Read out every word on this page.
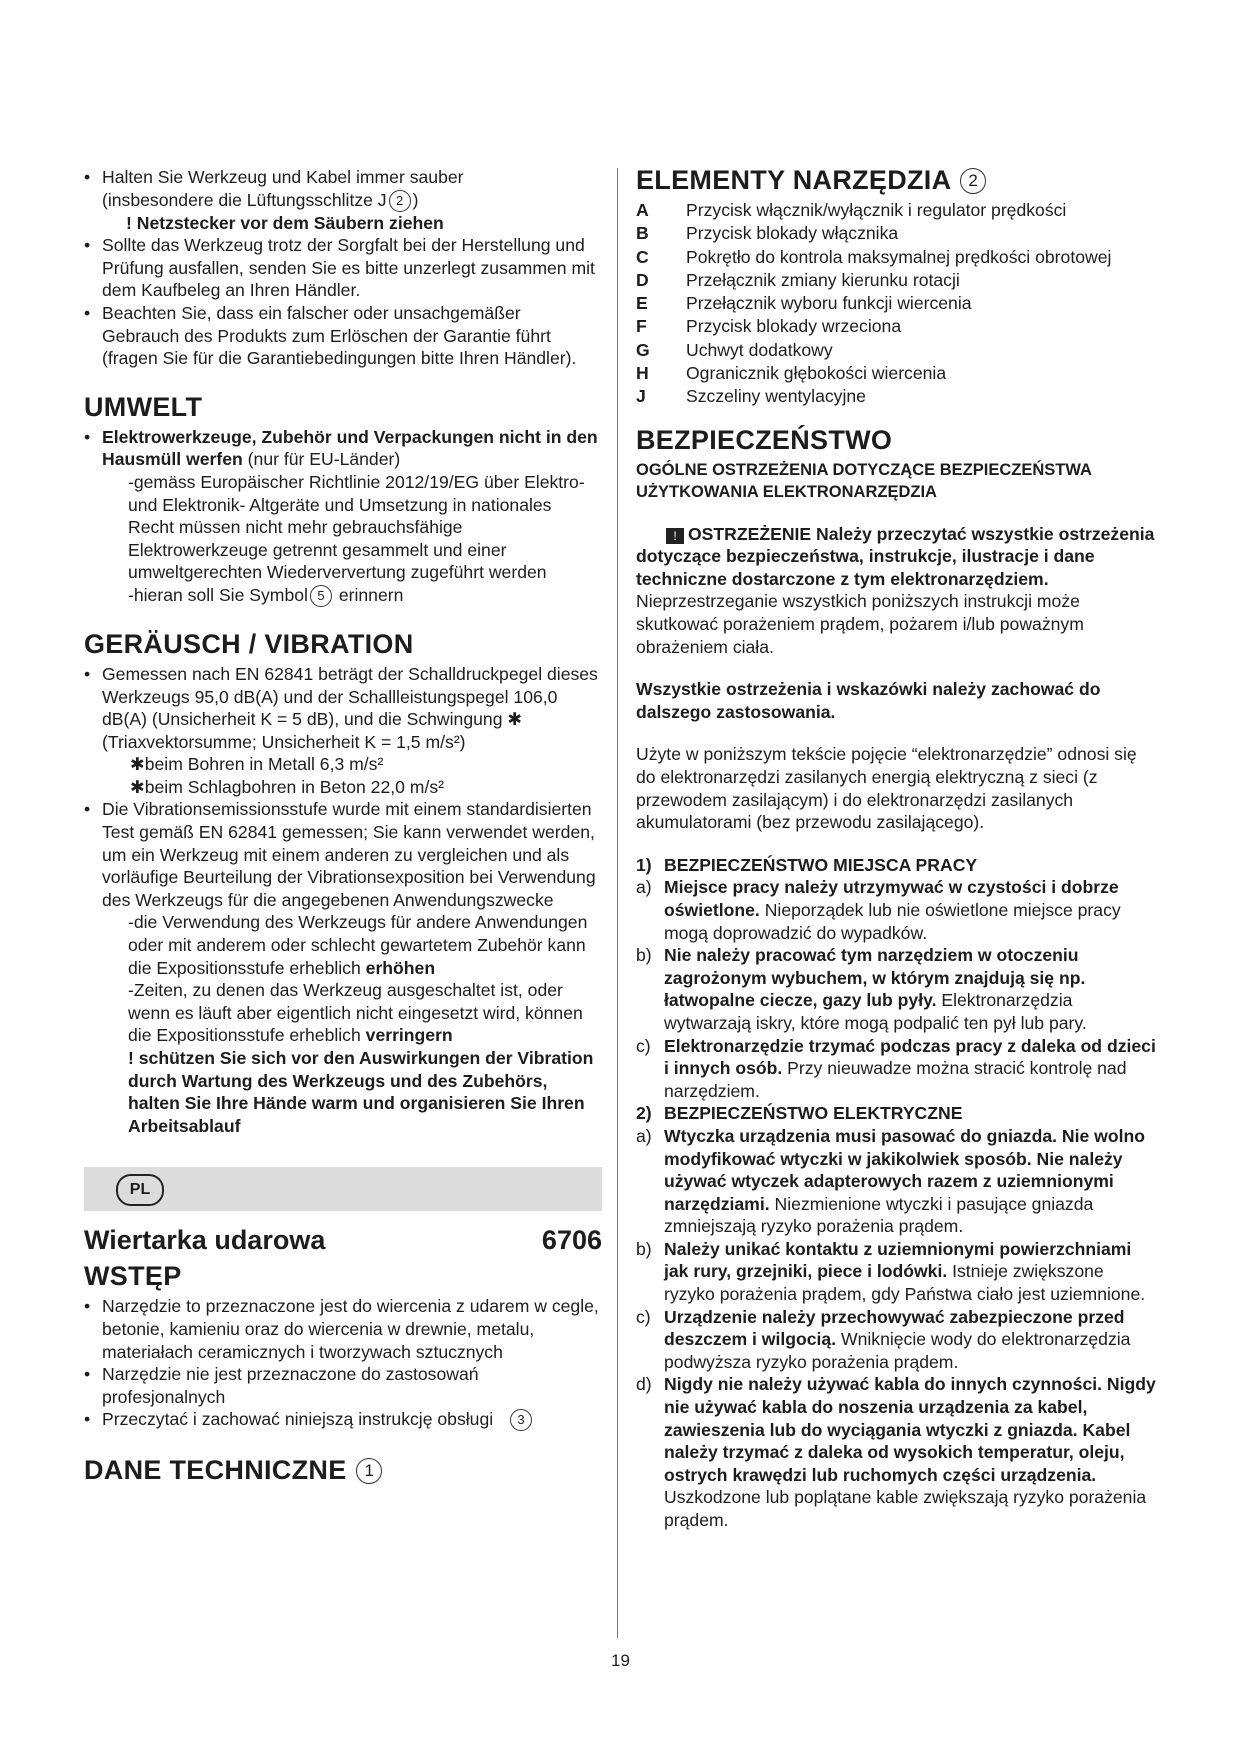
• Halten Sie Werkzeug und Kabel immer sauber
(insbesondere die Lüftungsschlitze J 2 )

! Netzstecker vor dem Säubern ziehen

• Sollte das Werkzeug trotz der Sorgfalt bei der Herstellung und Prüfung ausfallen, senden Sie es bitte unzerlegt zusammen mit dem Kaufbeleg an Ihren Händler.
• Beachten Sie, dass ein falscher oder unsachgemäßer Gebrauch des Produkts zum Erlöschen der Garantie führt (fragen Sie für die Garantiebedingungen bitte Ihren Händler).
UMWELT
• Elektrowerkzeuge, Zubehör und Verpackungen nicht in den Hausmüll werfen (nur für EU-Länder)

-gemäss Europäischer Richtlinie 2012/19/EG über Elektro- und Elektronik- Altgeräte und Umsetzung in nationales Recht müssen nicht mehr gebrauchsfähige Elektrowerkzeuge getrennt gesammelt und einer umweltgerechten Wiederververtung zugeführt werden

-hieran soll Sie Symbol 5 erinnern

GERÄUSCH / VIBRATION
• Gemessen nach EN 62841 beträgt der Schalldruckpegel dieses Werkzeugs 95,0 dB(A) und der Schallleistungspegel 106,0 dB(A) (Unsicherheit K = 5 dB), und die Schwingung ✱ (Triaxvektorsumme; Unsicherheit K = 1,5 m/s²)

✱beim Bohren in Metall 6,3 m/s²

✱beim Schlagbohren in Beton 22,0 m/s²

• Die Vibrationsemissionsstufe wurde mit einem standardisierten Test gemäß EN 62841 gemessen; Sie kann verwendet werden, um ein Werkzeug mit einem anderen zu vergleichen und als vorläufige Beurteilung der Vibrationsexposition bei Verwendung des Werkzeugs für die angegebenen Anwendungszwecke

-die Verwendung des Werkzeugs für andere Anwendungen oder mit anderem oder schlecht gewartetem Zubehör kann die Expositionsstufe erheblich erhöhen

-Zeiten, zu denen das Werkzeug ausgeschaltet ist, oder wenn es läuft aber eigentlich nicht eingesetzt wird, können die Expositionsstufe erheblich verringern

! schützen Sie sich vor den Auswirkungen der Vibration durch Wartung des Werkzeugs und des Zubehörs, halten Sie Ihre Hände warm und organisieren Sie Ihren Arbeitsablauf

PL
Wiertarka udarowa	6706
WSTĘP
• Narzędzie to przeznaczone jest do wiercenia z udarem w cegle, betonie, kamieniu oraz do wiercenia w drewnie, metalu, materiałach ceramicznych i tworzywach sztucznych
• Narzędzie nie jest przeznaczone do zastosowań profesjonalnych
• Przeczytać i zachować niniejszą instrukcję obsługi 3
DANE TECHNICZNE 1
ELEMENTY NARZĘDZIA 2
A	Przycisk włącznik/wyłącznik i regulator prędkości
B	Przycisk blokady włącznika
C	Pokrętło do kontrola maksymalnej prędkości obrotowej
D	Przełącznik zmiany kierunku rotacji
E	Przełącznik wyboru funkcji wiercenia
F	Przycisk blokady wrzeciona
G	Uchwyt dodatkowy
H	Ogranicznik głębokości wiercenia
J	Szczeliny wentylacyjne
BEZPIECZEŃSTWO
OGÓLNE OSTRZEŻENIA DOTYCZĄCE BEZPIECZEŃSTWA UŻYTKOWANIA ELEKTRONARZĘDZIA

! OSTRZEŻENIE Należy przeczytać wszystkie ostrzeżenia dotyczące bezpieczeństwa, instrukcje, ilustracje i dane techniczne dostarczone z tym elektronarzędziem. Nieprzestrzeganie wszystkich poniższych instrukcji może skutkować porażeniem prądem, pożarem i/lub poważnym obrażeniem ciała.

Wszystkie ostrzeżenia i wskazówki należy zachować do dalszego zastosowania.

Użyte w poniższym tekście pojęcie “elektronarzędzie” odnosi się do elektronarzędzi zasilanych energią elektryczną z sieci (z przewodem zasilającym) i do elektronarzędzi zasilanych akumulatorami (bez przewodu zasilającego).

1) BEZPIECZEŃSTWO MIEJSCA PRACY
a) Miejsce pracy należy utrzymywać w czystości i dobrze oświetlone. Nieporządek lub nie oświetlone miejsce pracy mogą doprowadzić do wypadków.
b) Nie należy pracować tym narzędziem w otoczeniu zagrożonym wybuchem, w którym znajdują się np. łatwopalne ciecze, gazy lub pyły. Elektronarzędzia wytwarzają iskry, które mogą podpalić ten pył lub pary.
c) Elektronarzędzie trzymać podczas pracy z daleka od dzieci i innych osób. Przy nieuwadze można stracić kontrolę nad narzędziem.
2) BEZPIECZEŃSTWO ELEKTRYCZNE
a) Wtyczka urządzenia musi pasować do gniazda. Nie wolno modyfikować wtyczki w jakikolwiek sposób. Nie należy używać wtyczek adapterowych razem z uziemnionymi narzędziami. Niezmienione wtyczki i pasujące gniazda zmniejszają ryzyko porażenia prądem.
b) Należy unikać kontaktu z uziemnionymi powierzchniami jak rury, grzejniki, piece i lodówki. Istnieje zwiększone ryzyko porażenia prądem, gdy Państwa ciało jest uziemnione.
c) Urządzenie należy przechowywać zabezpieczone przed deszczem i wilgocią. Wniknięcie wody do elektronarzędzia podwyższa ryzyko porażenia prądem.
d) Nigdy nie należy używać kabla do innych czynności. Nigdy nie używać kabla do noszenia urządzenia za kabel, zawieszenia lub do wyciągania wtyczki z gniazda. Kabel należy trzymać z daleka od wysokich temperatur, oleju, ostrych krawędzi lub ruchomych części urządzenia. Uszkodzone lub poplątane kable zwiększają ryzyko porażenia prądem.
19
